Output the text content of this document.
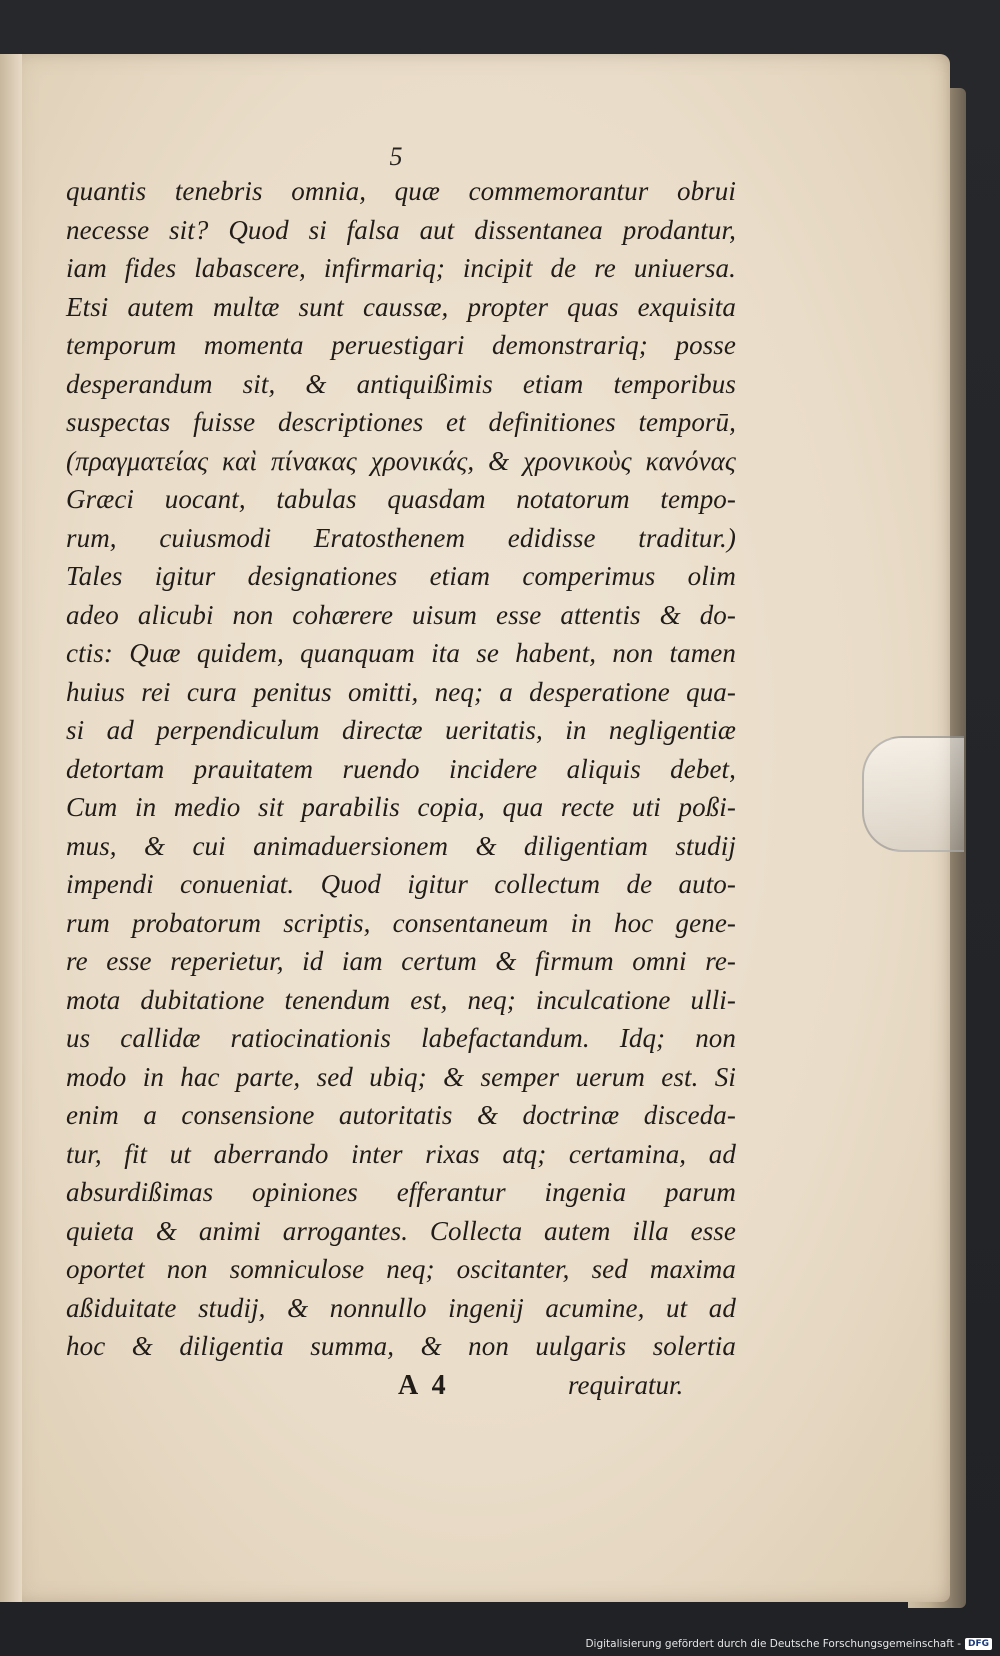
5
quantis tenebris omnia, quæ commemorantur obrui
necesse sit? Quod si falsa aut dissentanea prodantur,
iam fides labascere, infirmariq; incipit de re uniuersa.
Etsi autem multæ sunt caussæ, propter quas exquisita
temporum momenta peruestigari demonstrariq; posse
desperandum sit, & antiquißimis etiam temporibus
suspectas fuisse descriptiones et definitiones temporū,
(πραγματείας καὶ πίνακας χρονικάς, & χρονικοὺς κανόνας
Græci uocant, tabulas quasdam notatorum tempo-
rum, cuiusmodi Eratosthenem edidisse traditur.)
Tales igitur designationes etiam comperimus olim
adeo alicubi non cohærere uisum esse attentis & do-
ctis: Quæ quidem, quanquam ita se habent, non tamen
huius rei cura penitus omitti, neq; a desperatione qua-
si ad perpendiculum directæ ueritatis, in negligentiæ
detortam prauitatem ruendo incidere aliquis debet,
Cum in medio sit parabilis copia, qua recte uti poßi-
mus, & cui animaduersionem & diligentiam studij
impendi conueniat. Quod igitur collectum de auto-
rum probatorum scriptis, consentaneum in hoc gene-
re esse reperietur, id iam certum & firmum omni re-
mota dubitatione tenendum est, neq; inculcatione ulli-
us callidæ ratiocinationis labefactandum. Idq; non
modo in hac parte, sed ubiq; & semper uerum est. Si
enim a consensione autoritatis & doctrinæ disceda-
tur, fit ut aberrando inter rixas atq; certamina, ad
absurdißimas opiniones efferantur ingenia parum
quieta & animi arrogantes. Collecta autem illa esse
oportet non somniculose neq; oscitanter, sed maxima
aßiduitate studij, & nonnullo ingenij acumine, ut ad
hoc & diligentia summa, & non uulgaris solertia
A 4	requiratur.
Digitalisierung gefördert durch die Deutsche Forschungsgemeinschaft - DFG
